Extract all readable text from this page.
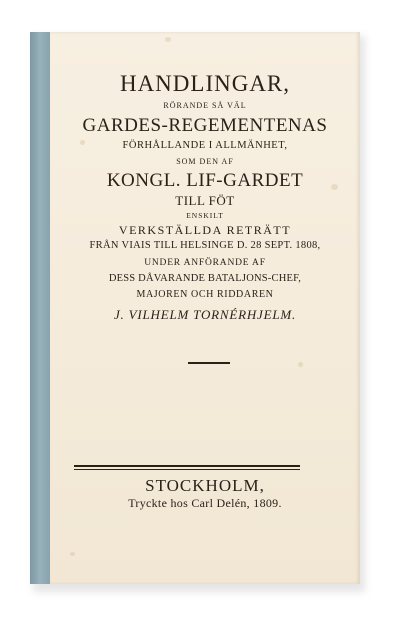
HANDLINGAR,
RÖRANDE SÅ VÄL
GARDES-REGEMENTENAS
FÖRHÅLLANDE I ALLMÄNHET,
SOM DEN AF
KONGL. LIF-GARDET
TILL FÖT
ENSKILT
VERKSTÄLLDA RETRÄTT
FRÅN VIAIS TILL HELSINGE D. 28 SEPT. 1808,
UNDER ANFÖRANDE AF
DESS DÅVARANDE BATALJONS-CHEF,
MAJOREN OCH RIDDAREN
J. VILHELM TORNÉRHJELM.
STOCKHOLM,
Tryckte hos Carl Delén, 1809.
